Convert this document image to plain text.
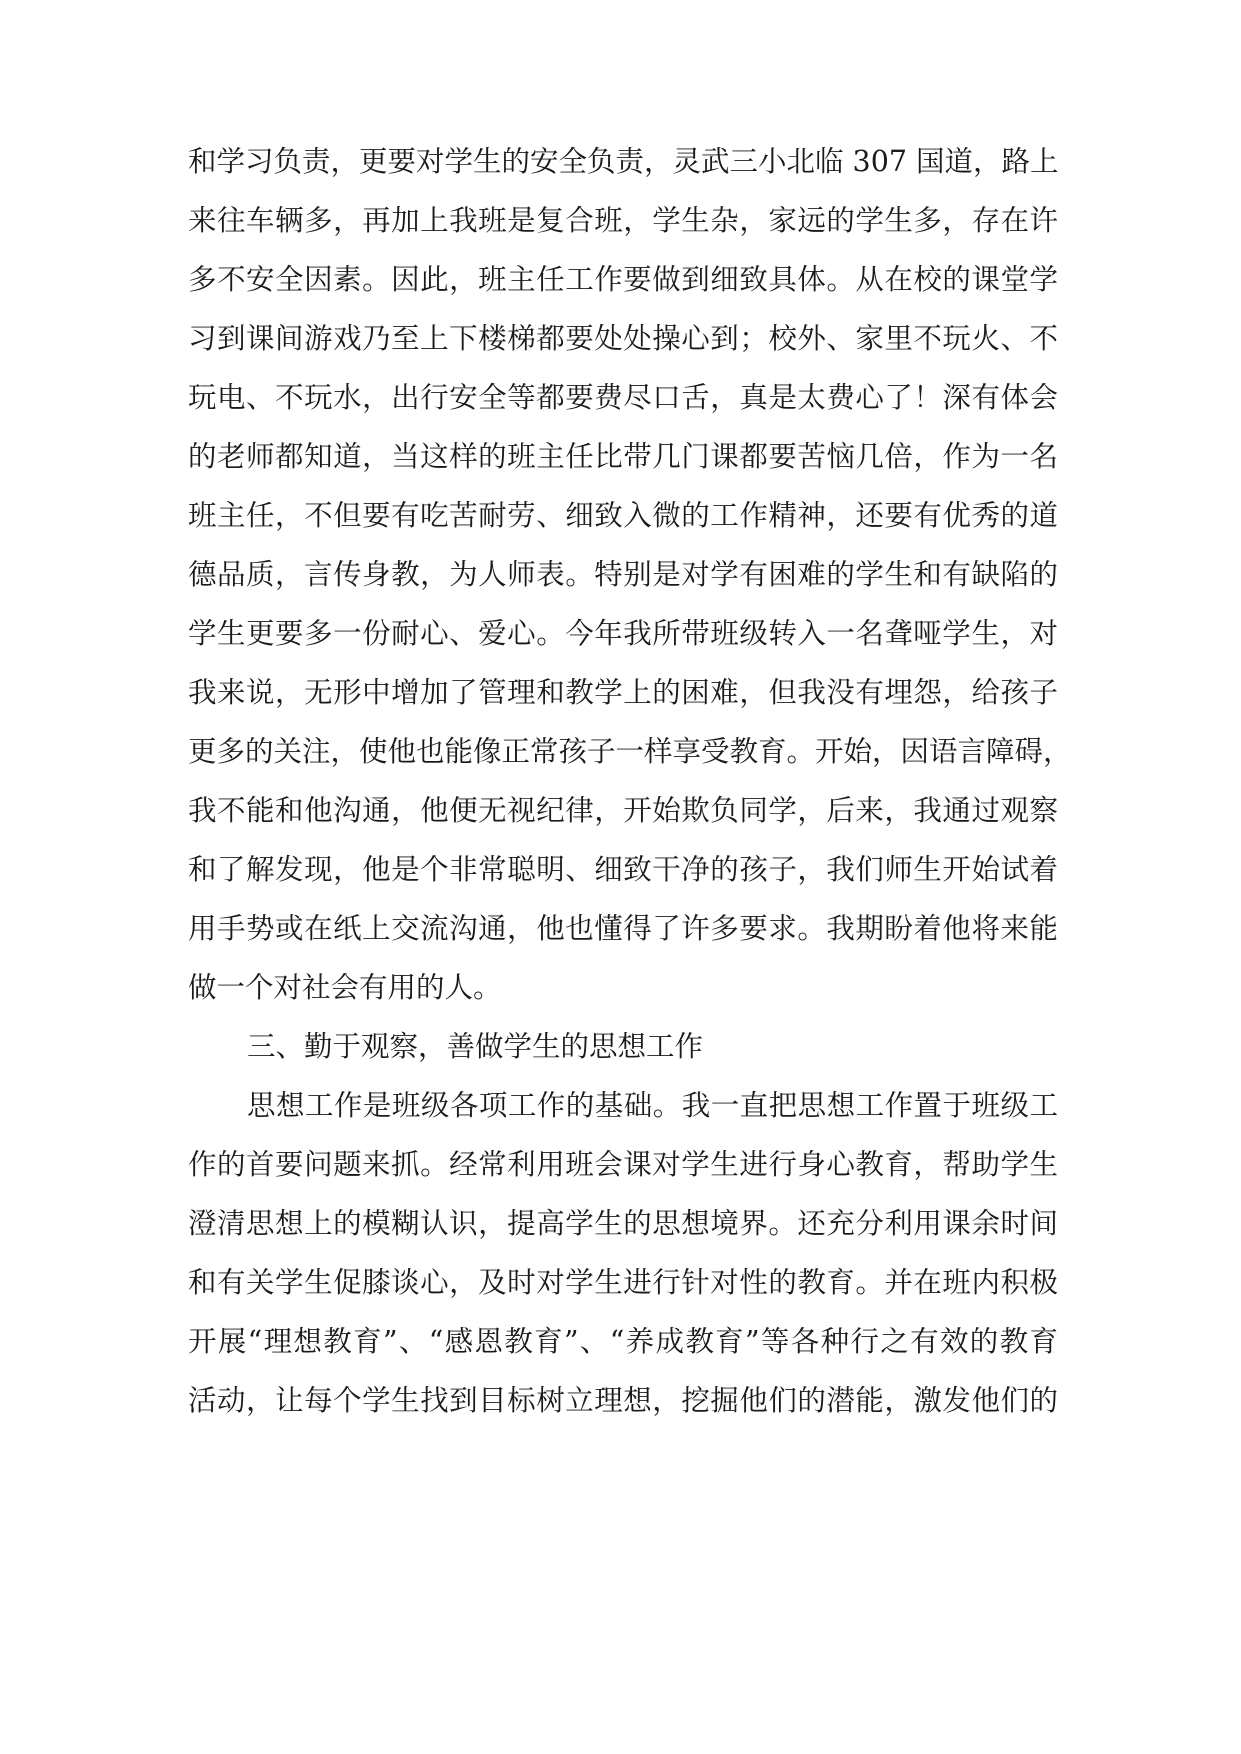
和学习负责，更要对学生的安全负责，灵武三小北临 307 国道，路上
来往车辆多，再加上我班是复合班，学生杂，家远的学生多，存在许
多不安全因素。因此，班主任工作要做到细致具体。从在校的课堂学
习到课间游戏乃至上下楼梯都要处处操心到；校外、家里不玩火、不
玩电、不玩水，出行安全等都要费尽口舌，真是太费心了！深有体会
的老师都知道，当这样的班主任比带几门课都要苦恼几倍，作为一名
班主任，不但要有吃苦耐劳、细致入微的工作精神，还要有优秀的道
德品质，言传身教，为人师表。特别是对学有困难的学生和有缺陷的
学生更要多一份耐心、爱心。今年我所带班级转入一名聋哑学生，对
我来说，无形中增加了管理和教学上的困难，但我没有埋怨，给孩子
更多的关注，使他也能像正常孩子一样享受教育。开始，因语言障碍，
我不能和他沟通，他便无视纪律，开始欺负同学，后来，我通过观察
和了解发现，他是个非常聪明、细致干净的孩子，我们师生开始试着
用手势或在纸上交流沟通，他也懂得了许多要求。我期盼着他将来能
做一个对社会有用的人。
三、勤于观察，善做学生的思想工作
思想工作是班级各项工作的基础。我一直把思想工作置于班级工
作的首要问题来抓。经常利用班会课对学生进行身心教育，帮助学生
澄清思想上的模糊认识，提高学生的思想境界。还充分利用课余时间
和有关学生促膝谈心，及时对学生进行针对性的教育。并在班内积极
开展“理想教育”、“感恩教育”、“养成教育”等各种行之有效的教育
活动，让每个学生找到目标树立理想，挖掘他们的潜能，激发他们的
